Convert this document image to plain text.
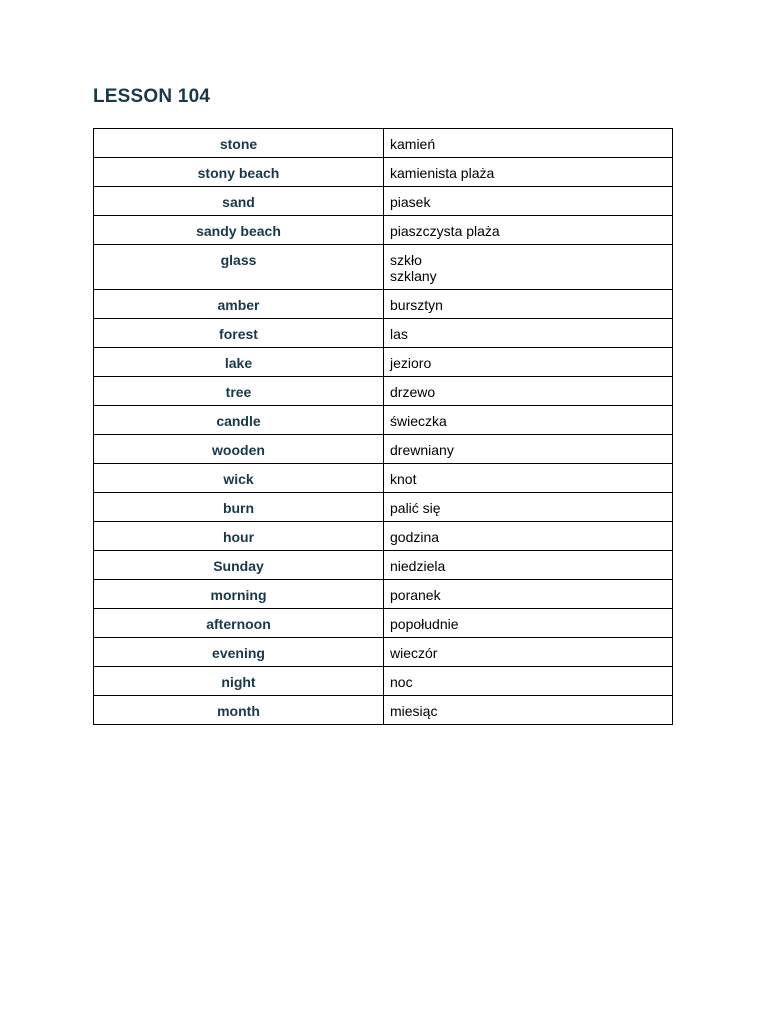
LESSON 104
stone	kamień

stony beach	kamienista plaża

sand	piasek

sandy beach	piaszczysta plaża

glass	szkło
szklany

amber	bursztyn

forest	las

lake	jezioro

tree	drzewo

candle	świeczka

wooden	drewniany

wick	knot

burn	palić się

hour	godzina

Sunday	niedziela

morning	poranek

afternoon	popołudnie

evening	wieczór

night	noc

month	miesiąc
